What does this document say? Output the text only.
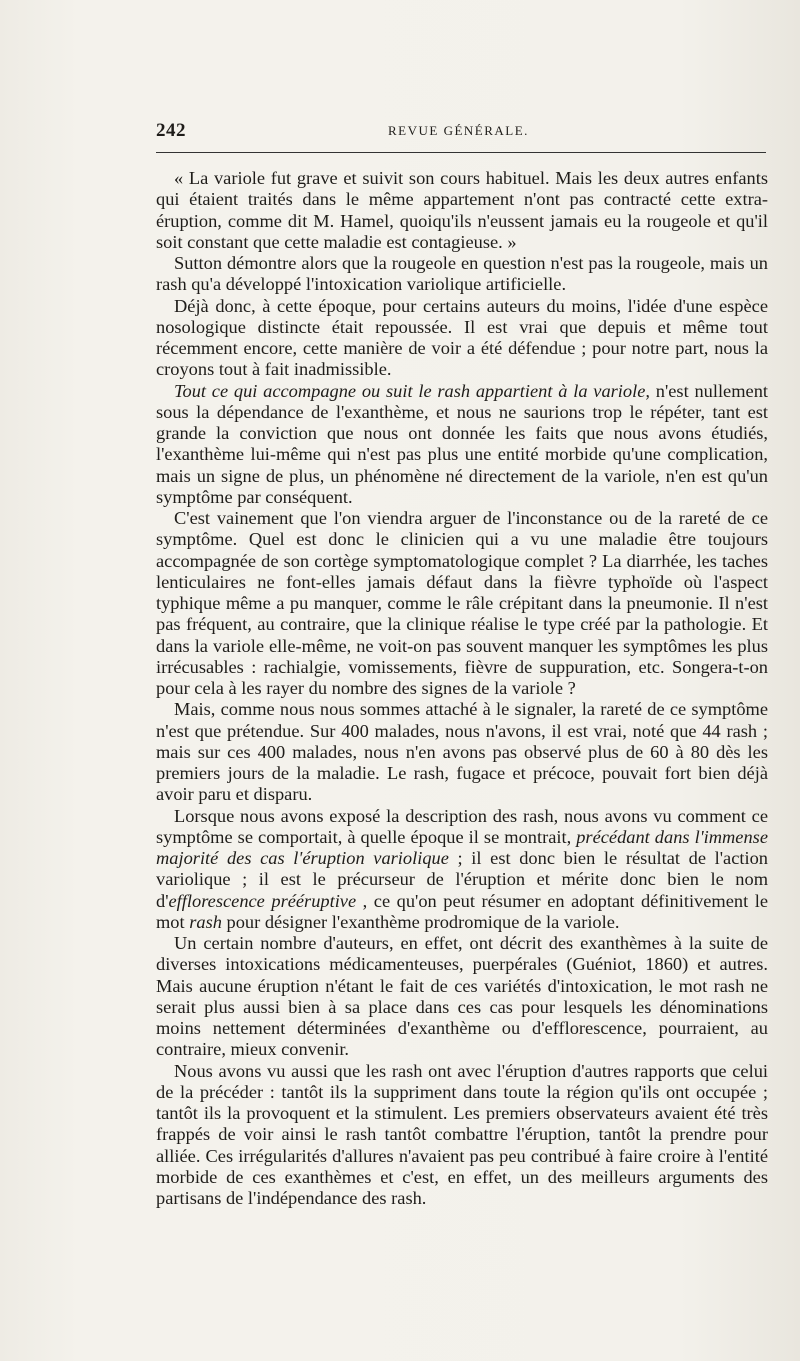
242	REVUE GÉNÉRALE.

« La variole fut grave et suivit son cours habituel. Mais les deux autres enfants qui étaient traités dans le même appartement n'ont pas contracté cette extra-éruption, comme dit M. Hamel, quoiqu'ils n'eussent jamais eu la rougeole et qu'il soit constant que cette maladie est contagieuse. »

Sutton démontre alors que la rougeole en question n'est pas la rougeole, mais un rash qu'a développé l'intoxication variolique artificielle.

Déjà donc, à cette époque, pour certains auteurs du moins, l'idée d'une espèce nosologique distincte était repoussée. Il est vrai que depuis et même tout récemment encore, cette manière de voir a été défendue ; pour notre part, nous la croyons tout à fait inadmissible.

Tout ce qui accompagne ou suit le rash appartient à la variole, n'est nullement sous la dépendance de l'exanthème, et nous ne saurions trop le répéter, tant est grande la conviction que nous ont donnée les faits que nous avons étudiés, l'exanthème lui-même qui n'est pas plus une entité morbide qu'une complication, mais un signe de plus, un phénomène né directement de la variole, n'en est qu'un symptôme par conséquent.

C'est vainement que l'on viendra arguer de l'inconstance ou de la rareté de ce symptôme. Quel est donc le clinicien qui a vu une maladie être toujours accompagnée de son cortège symptomatologique complet ? La diarrhée, les taches lenticulaires ne font-elles jamais défaut dans la fièvre typhoïde où l'aspect typhique même a pu manquer, comme le râle crépitant dans la pneumonie. Il n'est pas fréquent, au contraire, que la clinique réalise le type créé par la pathologie. Et dans la variole elle-même, ne voit-on pas souvent manquer les symptômes les plus irrécusables : rachialgie, vomissements, fièvre de suppuration, etc. Songera-t-on pour cela à les rayer du nombre des signes de la variole ?

Mais, comme nous nous sommes attaché à le signaler, la rareté de ce symptôme n'est que prétendue. Sur 400 malades, nous n'avons, il est vrai, noté que 44 rash ; mais sur ces 400 malades, nous n'en avons pas observé plus de 60 à 80 dès les premiers jours de la maladie. Le rash, fugace et précoce, pouvait fort bien déjà avoir paru et disparu.

Lorsque nous avons exposé la description des rash, nous avons vu comment ce symptôme se comportait, à quelle époque il se montrait, précédant dans l'immense majorité des cas l'éruption variolique ; il est donc bien le résultat de l'action variolique ; il est le précurseur de l'éruption et mérite donc bien le nom d'efflorescence prééruptive , ce qu'on peut résumer en adoptant définitivement le mot rash pour désigner l'exanthème prodromique de la variole.

Un certain nombre d'auteurs, en effet, ont décrit des exanthèmes à la suite de diverses intoxications médicamenteuses, puerpérales (Guéniot, 1860) et autres. Mais aucune éruption n'étant le fait de ces variétés d'intoxication, le mot rash ne serait plus aussi bien à sa place dans ces cas pour lesquels les dénominations moins nettement déterminées d'exanthème ou d'efflorescence, pourraient, au contraire, mieux convenir.

Nous avons vu aussi que les rash ont avec l'éruption d'autres rapports que celui de la précéder : tantôt ils la suppriment dans toute la région qu'ils ont occupée ; tantôt ils la provoquent et la stimulent. Les premiers observateurs avaient été très frappés de voir ainsi le rash tantôt combattre l'éruption, tantôt la prendre pour alliée. Ces irrégularités d'allures n'avaient pas peu contribué à faire croire à l'entité morbide de ces exanthèmes et c'est, en effet, un des meilleurs arguments des partisans de l'indépendance des rash.
